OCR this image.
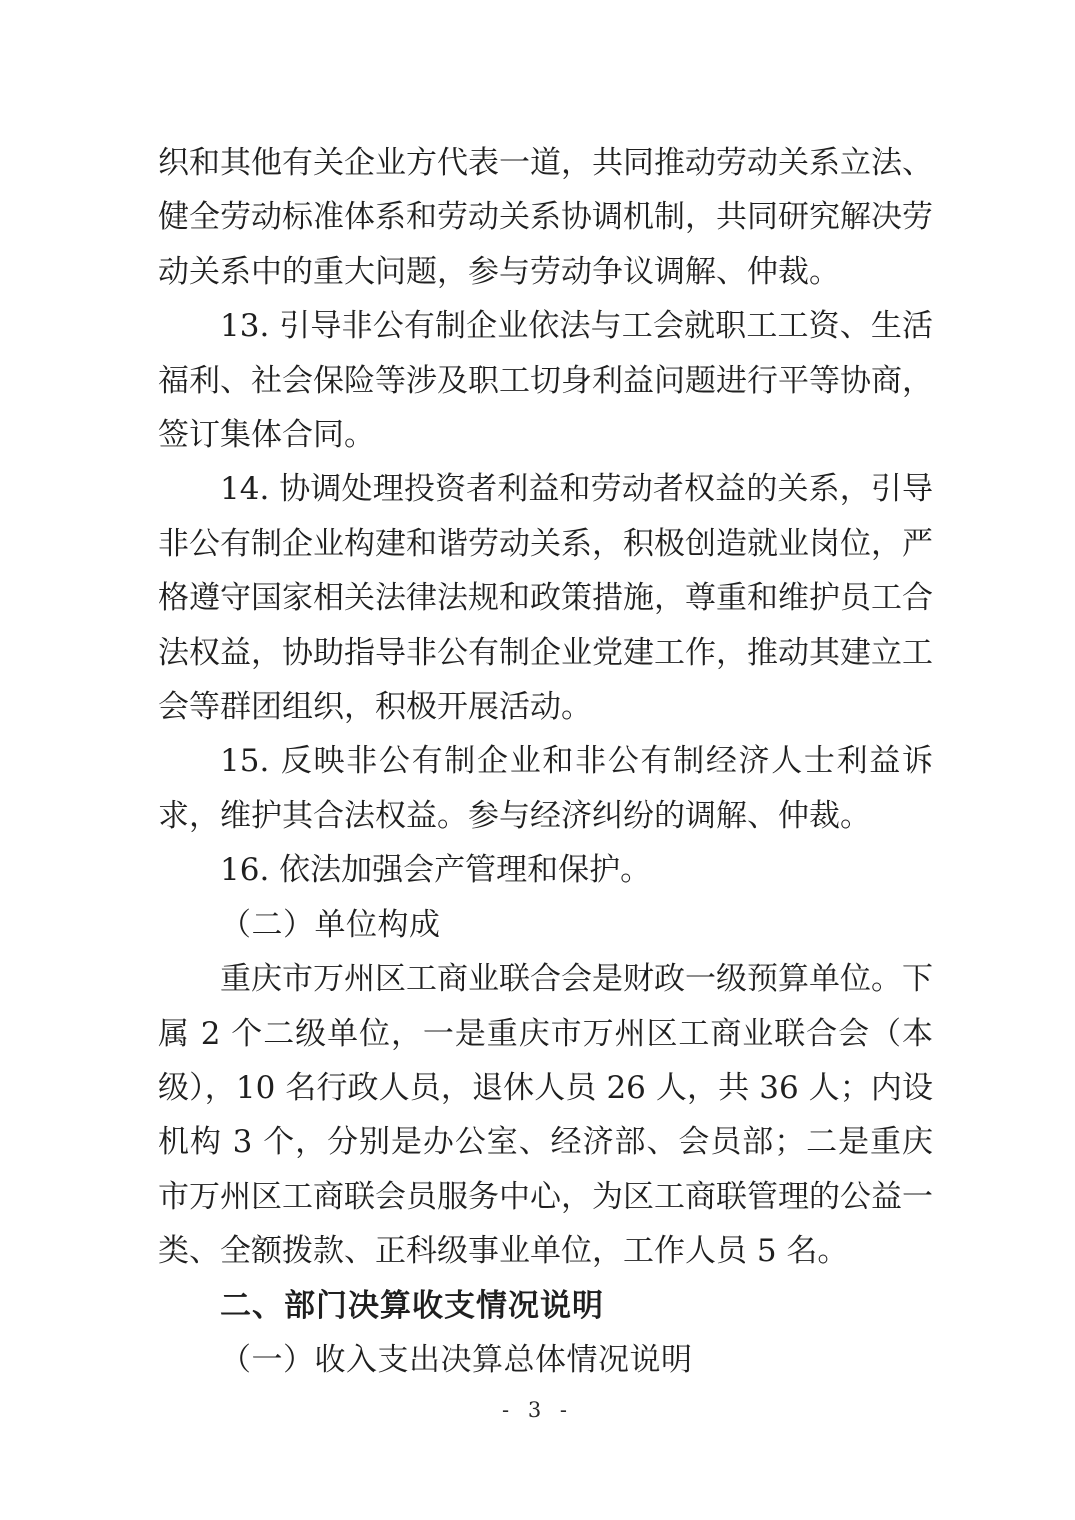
织和其他有关企业方代表一道，共同推动劳动关系立法、健全劳动标准体系和劳动关系协调机制，共同研究解决劳动关系中的重大问题，参与劳动争议调解、仲裁。

13. 引导非公有制企业依法与工会就职工工资、生活福利、社会保险等涉及职工切身利益问题进行平等协商，签订集体合同。

14. 协调处理投资者利益和劳动者权益的关系，引导非公有制企业构建和谐劳动关系，积极创造就业岗位，严格遵守国家相关法律法规和政策措施，尊重和维护员工合法权益，协助指导非公有制企业党建工作，推动其建立工会等群团组织，积极开展活动。

15. 反映非公有制企业和非公有制经济人士利益诉求，维护其合法权益。参与经济纠纷的调解、仲裁。

16. 依法加强会产管理和保护。

（二）单位构成

重庆市万州区工商业联合会是财政一级预算单位。下属 2 个二级单位，一是重庆市万州区工商业联合会（本级），10 名行政人员，退休人员 26 人，共 36 人；内设机构 3 个，分别是办公室、经济部、会员部；二是重庆市万州区工商联会员服务中心，为区工商联管理的公益一类、全额拨款、正科级事业单位，工作人员 5 名。

二、部门决算收支情况说明

（一）收入支出决算总体情况说明

- 3 -
